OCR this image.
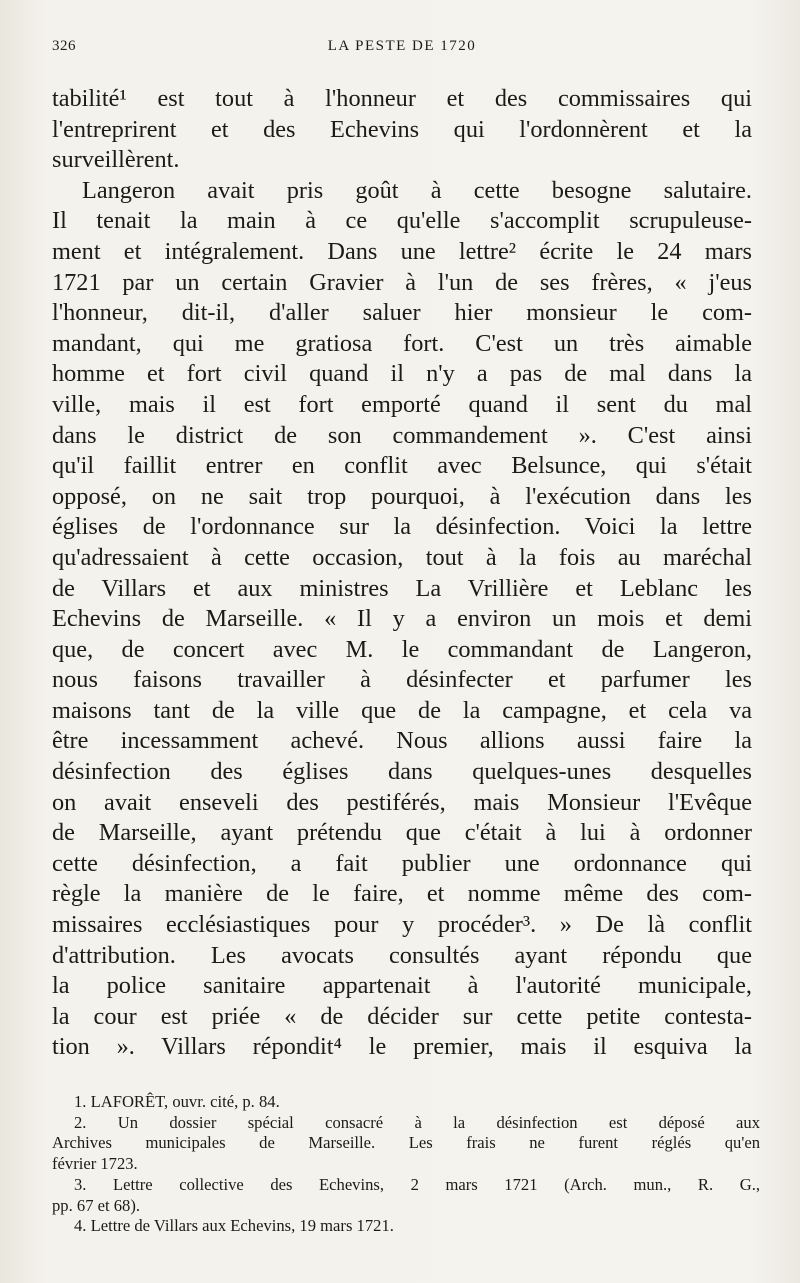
326	LA PESTE DE 1720
tabilité¹ est tout à l'honneur et des commissaires qui
l'entreprirent et des Echevins qui l'ordonnèrent et la
surveillèrent.
Langeron avait pris goût à cette besogne salutaire.
Il tenait la main à ce qu'elle s'accomplit scrupuleuse-
ment et intégralement. Dans une lettre² écrite le 24 mars
1721 par un certain Gravier à l'un de ses frères, « j'eus
l'honneur, dit-il, d'aller saluer hier monsieur le com-
mandant, qui me gratiosa fort. C'est un très aimable
homme et fort civil quand il n'y a pas de mal dans la
ville, mais il est fort emporté quand il sent du mal
dans le district de son commandement ». C'est ainsi
qu'il faillit entrer en conflit avec Belsunce, qui s'était
opposé, on ne sait trop pourquoi, à l'exécution dans les
églises de l'ordonnance sur la désinfection. Voici la lettre
qu'adressaient à cette occasion, tout à la fois au maréchal
de Villars et aux ministres La Vrillière et Leblanc les
Echevins de Marseille. « Il y a environ un mois et demi
que, de concert avec M. le commandant de Langeron,
nous faisons travailler à désinfecter et parfumer les
maisons tant de la ville que de la campagne, et cela va
être incessamment achevé. Nous allions aussi faire la
désinfection des églises dans quelques-unes desquelles
on avait enseveli des pestiférés, mais Monsieur l'Evêque
de Marseille, ayant prétendu que c'était à lui à ordonner
cette désinfection, a fait publier une ordonnance qui
règle la manière de le faire, et nomme même des com-
missaires ecclésiastiques pour y procéder³. » De là conflit
d'attribution. Les avocats consultés ayant répondu que
la police sanitaire appartenait à l'autorité municipale,
la cour est priée « de décider sur cette petite contesta-
tion ». Villars répondit⁴ le premier, mais il esquiva la
1. LAFORÊT, ouvr. cité, p. 84.
2. Un dossier spécial consacré à la désinfection est déposé aux
Archives municipales de Marseille. Les frais ne furent réglés qu'en
février 1723.
3. Lettre collective des Echevins, 2 mars 1721 (Arch. mun., R. G.,
pp. 67 et 68).
4. Lettre de Villars aux Echevins, 19 mars 1721.
